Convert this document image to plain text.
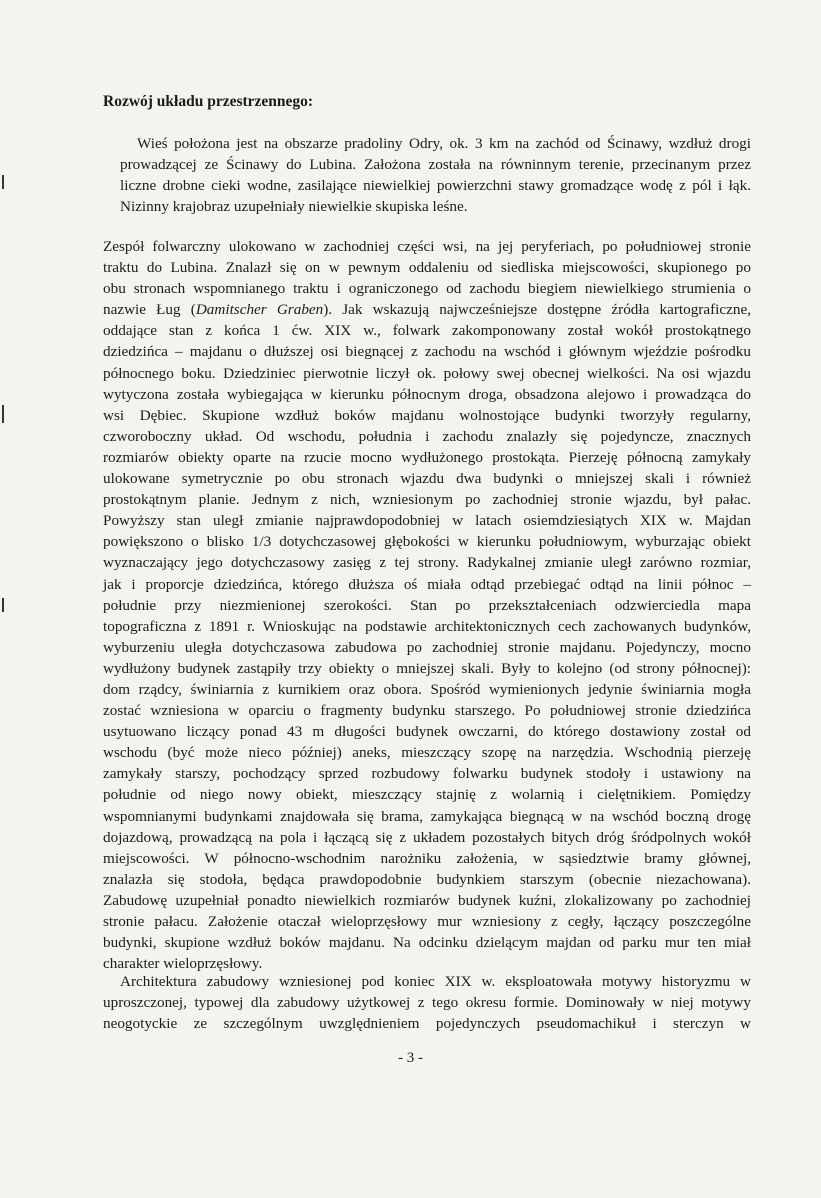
Rozwój układu przestrzennego:
Wieś położona jest na obszarze pradoliny Odry, ok. 3 km na zachód od Ścinawy, wzdłuż drogi
prowadzącej ze Ścinawy do Lubina. Założona została na równinnym terenie, przecinanym przez
liczne drobne cieki wodne, zasilające niewielkiej powierzchni stawy gromadzące wodę z pól i łąk.
Nizinny krajobraz uzupełniały niewielkie skupiska leśne.
Zespół folwarczny ulokowano w zachodniej części wsi, na jej peryferiach, po południowej stronie
traktu do Lubina. Znalazł się on w pewnym oddaleniu od siedliska miejscowości, skupionego po
obu stronach wspomnianego traktu i ograniczonego od zachodu biegiem niewielkiego strumienia o
nazwie Ług (Damitscher Graben). Jak wskazują najwcześniejsze dostępne źródła kartograficzne,
oddające stan z końca 1 ćw. XIX w., folwark zakomponowany został wokół prostokątnego
dziedzińca – majdanu o dłuższej osi biegnącej z zachodu na wschód i głównym wjeździe pośrodku
północnego boku. Dziedziniec pierwotnie liczył ok. połowy swej obecnej wielkości. Na osi wjazdu
wytyczona została wybiegająca w kierunku północnym droga, obsadzona alejowo i prowadząca do
wsi Dębiec. Skupione wzdłuż boków majdanu wolnostojące budynki tworzyły regularny,
czworoboczny układ. Od wschodu, południa i zachodu znalazły się pojedyncze, znacznych
rozmiarów obiekty oparte na rzucie mocno wydłużonego prostokąta. Pierzeję północną zamykały
ulokowane symetrycznie po obu stronach wjazdu dwa budynki o mniejszej skali i również
prostokątnym planie. Jednym z nich, wzniesionym po zachodniej stronie wjazdu, był pałac.
Powyższy stan uległ zmianie najprawdopodobniej w latach osiemdziesiątych XIX w. Majdan
powiększono o blisko 1/3 dotychczasowej głębokości w kierunku południowym, wyburzając obiekt
wyznaczający jego dotychczasowy zasięg z tej strony. Radykalnej zmianie uległ zarówno rozmiar,
jak i proporcje dziedzińca, którego dłuższa oś miała odtąd przebiegać odtąd na linii północ –
południe przy niezmienionej szerokości. Stan po przekształceniach odzwierciedla mapa
topograficzna z 1891 r. Wnioskując na podstawie architektonicznych cech zachowanych budynków,
wyburzeniu uległa dotychczasowa zabudowa po zachodniej stronie majdanu. Pojedynczy, mocno
wydłużony budynek zastąpiły trzy obiekty o mniejszej skali. Były to kolejno (od strony północnej):
dom rządcy, świniarnia z kurnikiem oraz obora. Spośród wymienionych jedynie świniarnia mogła
zostać wzniesiona w oparciu o fragmenty budynku starszego. Po południowej stronie dziedzińca
usytuowano liczący ponad 43 m długości budynek owczarni, do którego dostawiony został od
wschodu (być może nieco później) aneks, mieszczący szopę na narzędzia. Wschodnią pierzeję
zamykały starszy, pochodzący sprzed rozbudowy folwarku budynek stodoły i ustawiony na
południe od niego nowy obiekt, mieszczący stajnię z wolarnią i cielętnikiem. Pomiędzy
wspomnianymi budynkami znajdowała się brama, zamykająca biegnącą w na wschód boczną drogę
dojazdową, prowadzącą na pola i łączącą się z układem pozostałych bitych dróg śródpolnych wokół
miejscowości. W północno-wschodnim narożniku założenia, w sąsiedztwie bramy głównej,
znalazła się stodoła, będąca prawdopodobnie budynkiem starszym (obecnie niezachowana).
Zabudowę uzupełniał ponadto niewielkich rozmiarów budynek kuźni, zlokalizowany po zachodniej
stronie pałacu. Założenie otaczał wieloprzęsłowy mur wzniesiony z cegły, łączący poszczególne
budynki, skupione wzdłuż boków majdanu. Na odcinku dzielącym majdan od parku mur ten miał
charakter wieloprzęsłowy.
Architektura zabudowy wzniesionej pod koniec XIX w. eksploatowała motywy historyzmu w
uproszczonej, typowej dla zabudowy użytkowej z tego okresu formie. Dominowały w niej motywy
neogotyckie ze szczególnym uwzględnieniem pojedynczych pseudomachikuł i sterczyn w
- 3 -
